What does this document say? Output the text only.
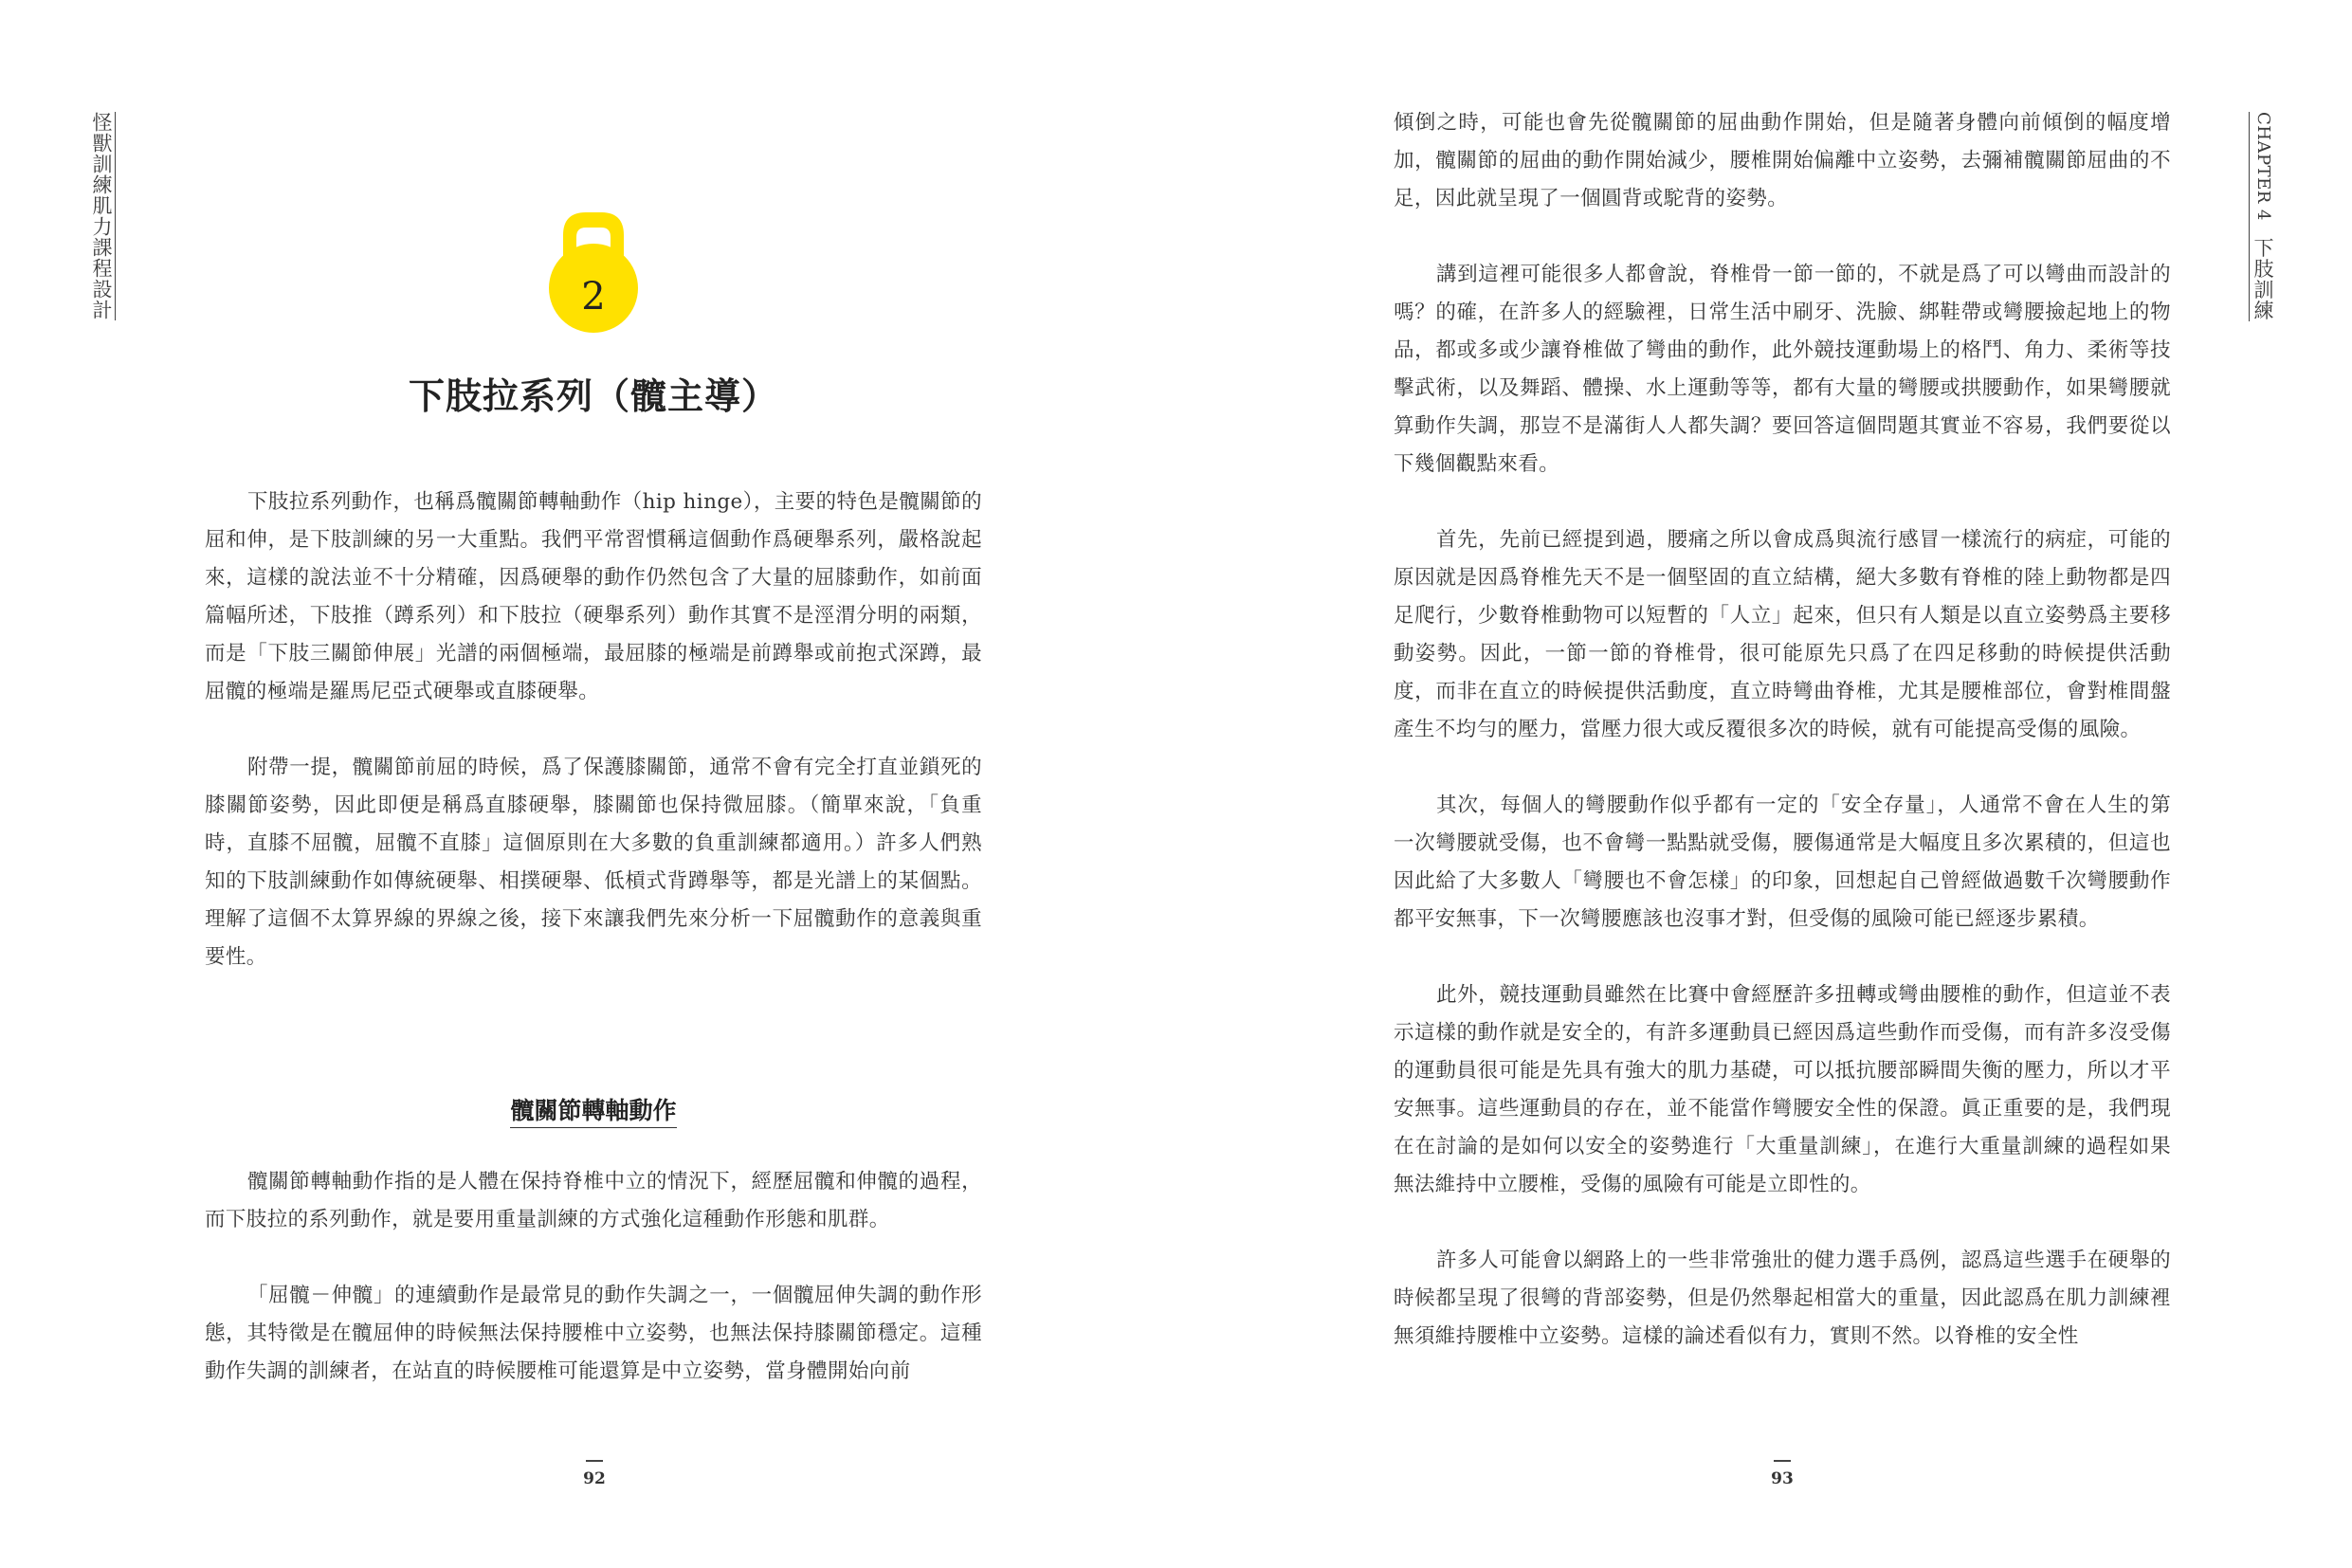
怪獸訓練肌力課程設計	2
下肢拉系列（髖主導）

下肢拉系列動作，也稱爲髖關節轉軸動作（hip hinge），主要的特色是髖關節的屈和伸，是下肢訓練的另一大重點。我們平常習慣稱這個動作爲硬舉系列，嚴格說起來，這樣的說法並不十分精確，因爲硬舉的動作仍然包含了大量的屈膝動作，如前面篇幅所述，下肢推（蹲系列）和下肢拉（硬舉系列）動作其實不是涇渭分明的兩類，而是「下肢三關節伸展」光譜的兩個極端，最屈膝的極端是前蹲舉或前抱式深蹲，最屈髖的極端是羅馬尼亞式硬舉或直膝硬舉。

附帶一提，髖關節前屈的時候，爲了保護膝關節，通常不會有完全打直並鎖死的膝關節姿勢，因此即便是稱爲直膝硬舉，膝關節也保持微屈膝。（簡單來說，「負重時，直膝不屈髖，屈髖不直膝」這個原則在大多數的負重訓練都適用。）許多人們熟知的下肢訓練動作如傳統硬舉、相撲硬舉、低槓式背蹲舉等，都是光譜上的某個點。理解了這個不太算界線的界線之後，接下來讓我們先來分析一下屈髖動作的意義與重要性。

髖關節轉軸動作

髖關節轉軸動作指的是人體在保持脊椎中立的情況下，經歷屈髖和伸髖的過程，而下肢拉的系列動作，就是要用重量訓練的方式強化這種動作形態和肌群。

「屈髖－伸髖」的連續動作是最常見的動作失調之一，一個髖屈伸失調的動作形態，其特徵是在髖屈伸的時候無法保持腰椎中立姿勢，也無法保持膝關節穩定。這種動作失調的訓練者，在站直的時候腰椎可能還算是中立姿勢，當身體開始向前

92

傾倒之時，可能也會先從髖關節的屈曲動作開始，但是隨著身體向前傾倒的幅度增加，髖關節的屈曲的動作開始減少，腰椎開始偏離中立姿勢，去彌補髖關節屈曲的不足，因此就呈現了一個圓背或駝背的姿勢。

講到這裡可能很多人都會說，脊椎骨一節一節的，不就是爲了可以彎曲而設計的嗎？的確，在許多人的經驗裡，日常生活中刷牙、洗臉、綁鞋帶或彎腰撿起地上的物品，都或多或少讓脊椎做了彎曲的動作，此外競技運動場上的格鬥、角力、柔術等技擊武術，以及舞蹈、體操、水上運動等等，都有大量的彎腰或拱腰動作，如果彎腰就算動作失調，那豈不是滿街人人都失調？要回答這個問題其實並不容易，我們要從以下幾個觀點來看。

首先，先前已經提到過，腰痛之所以會成爲與流行感冒一樣流行的病症，可能的原因就是因爲脊椎先天不是一個堅固的直立結構，絕大多數有脊椎的陸上動物都是四足爬行，少數脊椎動物可以短暫的「人立」起來，但只有人類是以直立姿勢爲主要移動姿勢。因此，一節一節的脊椎骨，很可能原先只爲了在四足移動的時候提供活動度，而非在直立的時候提供活動度，直立時彎曲脊椎，尤其是腰椎部位，會對椎間盤產生不均勻的壓力，當壓力很大或反覆很多次的時候，就有可能提高受傷的風險。

其次，每個人的彎腰動作似乎都有一定的「安全存量」，人通常不會在人生的第一次彎腰就受傷，也不會彎一點點就受傷，腰傷通常是大幅度且多次累積的，但這也因此給了大多數人「彎腰也不會怎樣」的印象，回想起自己曾經做過數千次彎腰動作都平安無事，下一次彎腰應該也沒事才對，但受傷的風險可能已經逐步累積。

此外，競技運動員雖然在比賽中會經歷許多扭轉或彎曲腰椎的動作，但這並不表示這樣的動作就是安全的，有許多運動員已經因爲這些動作而受傷，而有許多沒受傷的運動員很可能是先具有強大的肌力基礎，可以抵抗腰部瞬間失衡的壓力，所以才平安無事。這些運動員的存在，並不能當作彎腰安全性的保證。眞正重要的是，我們現在在討論的是如何以安全的姿勢進行「大重量訓練」，在進行大重量訓練的過程如果無法維持中立腰椎，受傷的風險有可能是立即性的。

許多人可能會以網路上的一些非常強壯的健力選手爲例，認爲這些選手在硬舉的時候都呈現了很彎的背部姿勢，但是仍然舉起相當大的重量，因此認爲在肌力訓練裡無須維持腰椎中立姿勢。這樣的論述看似有力，實則不然。以脊椎的安全性

CHAPTER 4 下肢訓練
93
